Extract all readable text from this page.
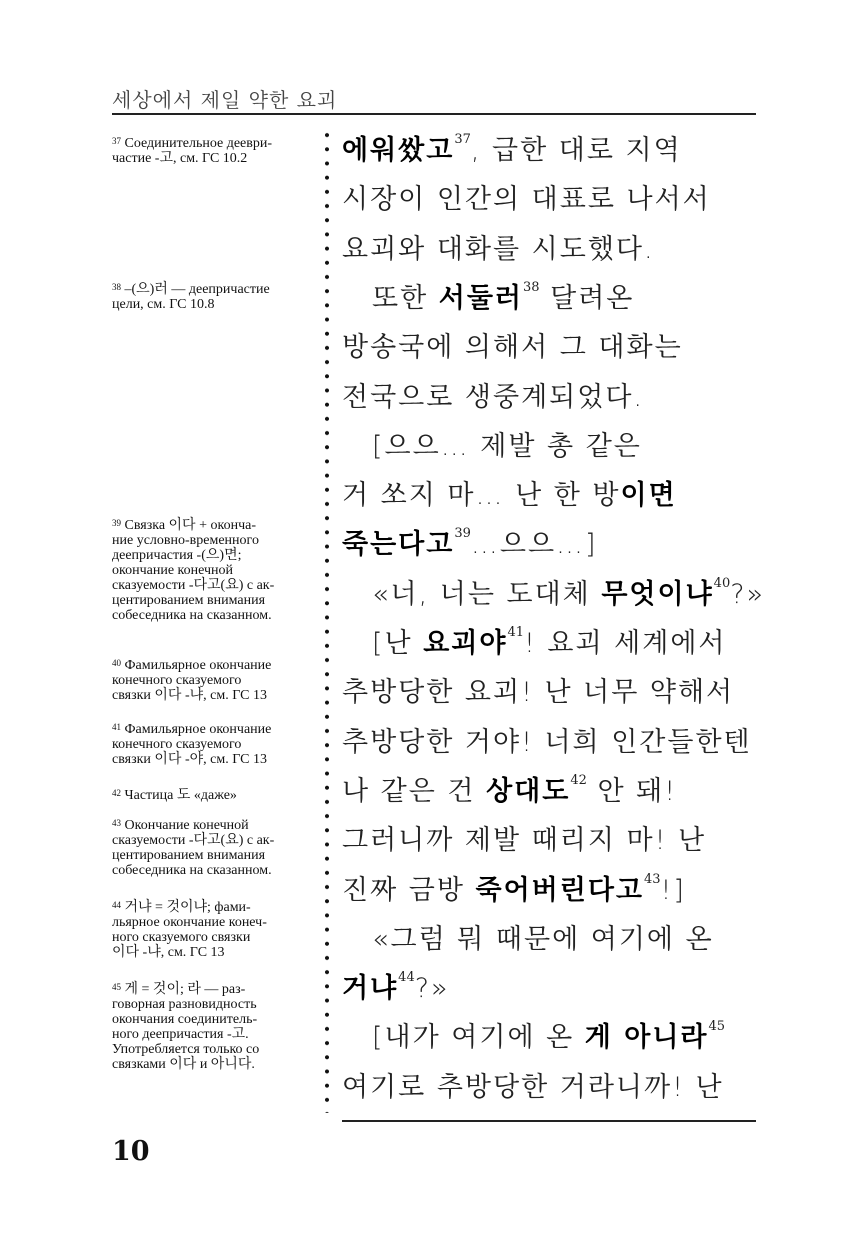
세상에서 제일 약한 요괴
$^{37}$ Соединительное дееври-
частие -고, см. ГС 10.2
$^{38}$ –(으)러 — деепричастие
цели, см. ГС 10.8
$^{39}$ Связка 이다 + оконча-
ние условно-временного
деепричастия -(으)면;
окончание конечной
сказуемости -다고(요) с ак-
центированием внимания
собеседника на сказанном.
$^{40}$ Фамильярное окончание
конечного сказуемого
связки 이다 -냐, см. ГС 13
$^{41}$ Фамильярное окончание
конечного сказуемого
связки 이다 -야, см. ГС 13
$^{42}$ Частица 도 «даже»
$^{43}$ Окончание конечной
сказуемости -다고(요) с ак-
центированием внимания
собеседника на сказанном.
$^{44}$ 거냐 = 것이냐; фами-
льярное окончание конеч-
ного сказуемого связки
이다 -냐, см. ГС 13
$^{45}$ 게 = 것이; 라 — раз-
говорная разновидность
окончания соединитель-
ного деепричастия -고.
Употребляется только со
связками 이다 и 아니다.
에워쌌고$^{37}$, 급한 대로 지역
시장이 인간의 대표로 나서서
요괴와 대화를 시도했다.
또한 서둘러$^{38}$ 달려온
방송국에 의해서 그 대화는
전국으로 생중계되었다.
[으으… 제발 총 같은
거 쏘지 마… 난 한 방이면
죽는다고$^{39}$…으으…]
«너, 너는 도대체 무엇이냐$^{40}$?»
[난 요괴야$^{41}$! 요괴 세계에서
추방당한 요괴! 난 너무 약해서
추방당한 거야! 너희 인간들한텐
나 같은 건 상대도$^{42}$ 안 돼!
그러니까 제발 때리지 마! 난
진짜 금방 죽어버린다고$^{43}$!]
«그럼 뭐 때문에 여기에 온
거냐$^{44}$?»
[내가 여기에 온 게 아니라$^{45}$
여기로 추방당한 거라니까! 난
10
